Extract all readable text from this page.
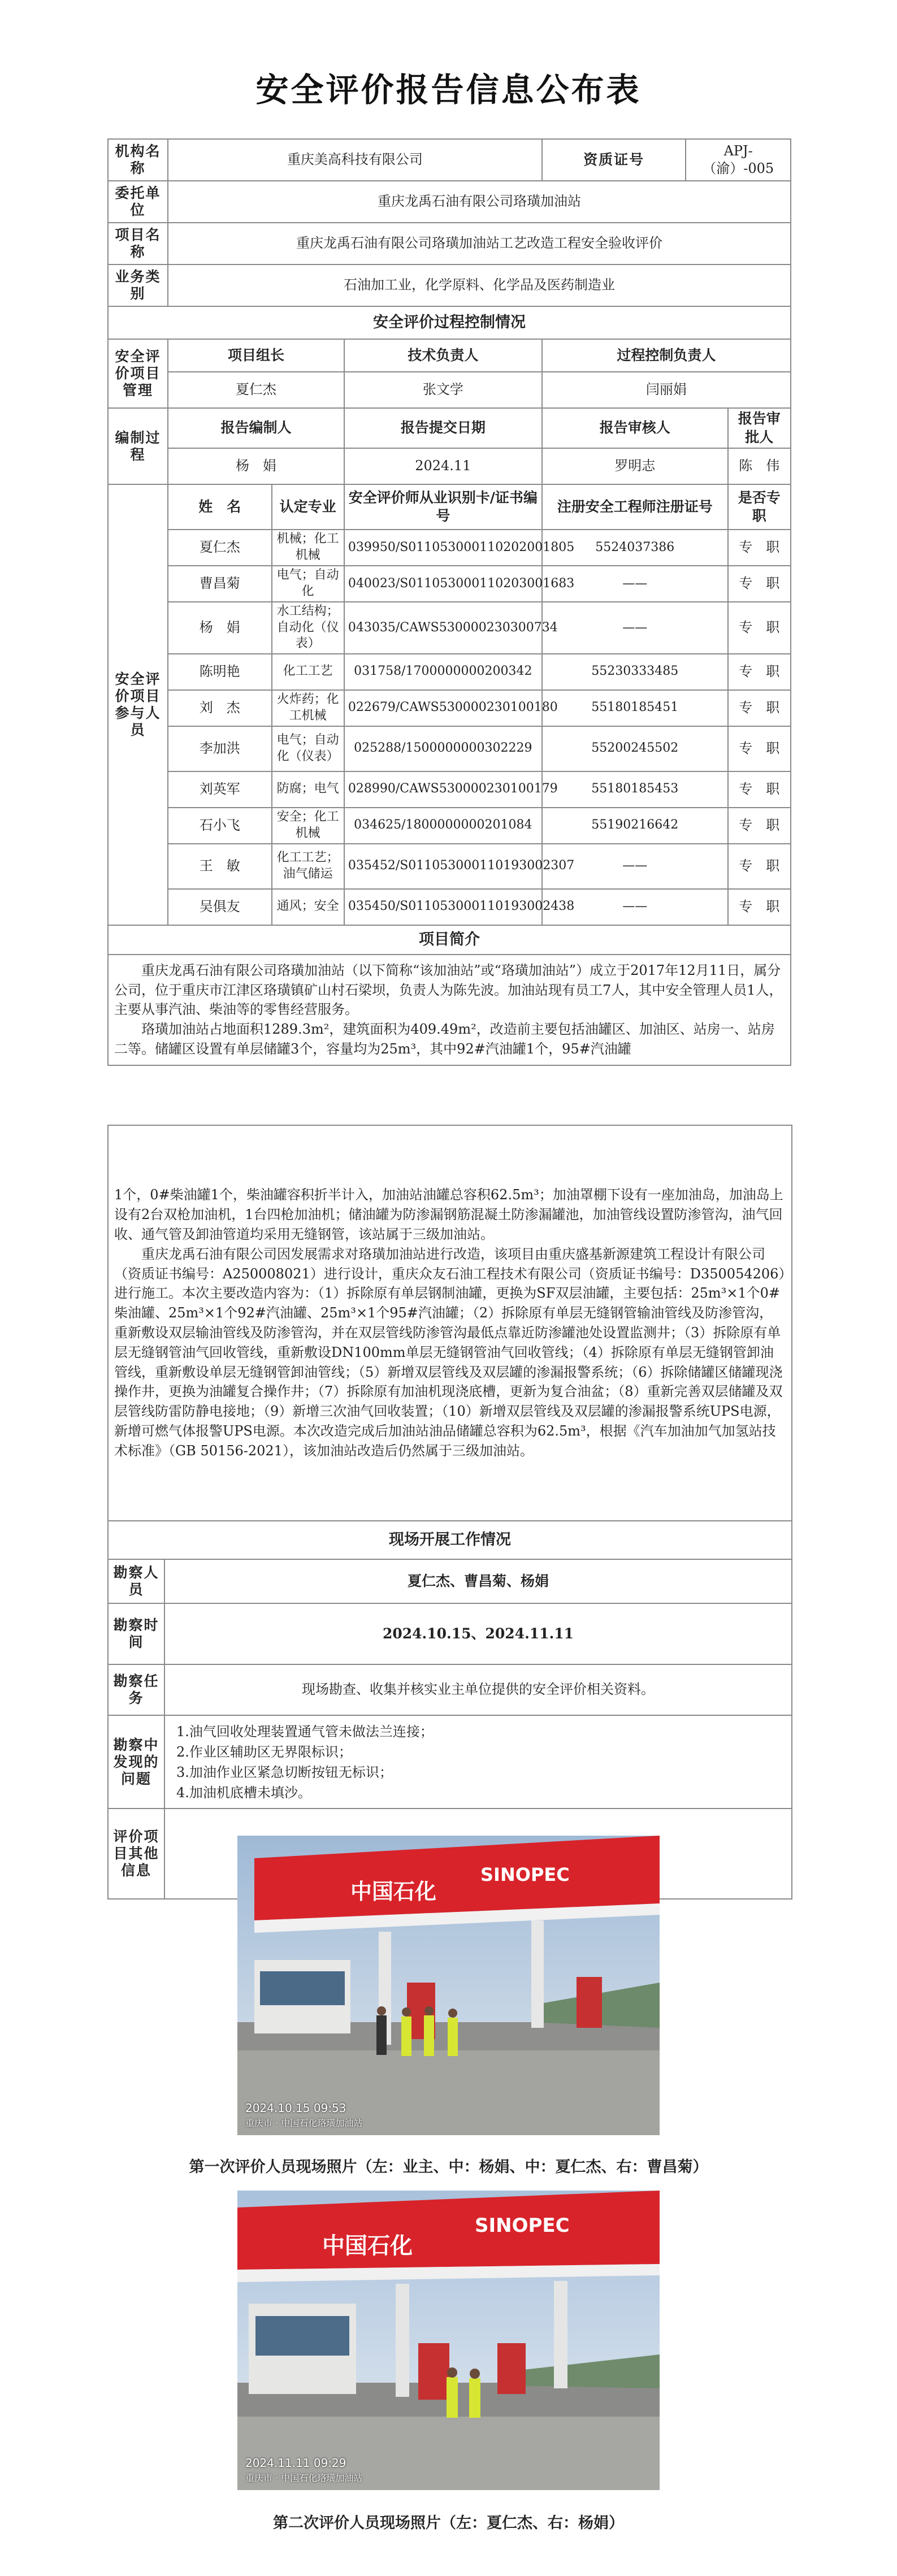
安全评价报告信息公布表
机构名称	重庆美高科技有限公司			资质证号	APJ-（渝）-005	
委托单位	重庆龙禹石油有限公司珞璜加油站					
项目名称	重庆龙禹石油有限公司珞璜加油站工艺改造工程安全验收评价					
业务类别	石油加工业，化学原料、化学品及医药制造业					
安全评价过程控制情况						
安全评价项目管理	项目组长		技术负责人	过程控制负责人		
	夏仁杰		张文学	闫丽娟		
编制过程	报告编制人		报告提交日期	报告审核人		报告审批人
	杨　娟		2024.11	罗明志		陈　伟
安全评价项目参与人员	姓　名	认定专业	安全评价师从业识别卡/证书编号	注册安全工程师注册证号		是否专职
	夏仁杰	机械；化工机械	039950/S011053000110202001805	5524037386		专　职
	曹昌菊	电气；自动化	040023/S011053000110203001683	——		专　职
	杨　娟	水工结构；自动化（仪表）	043035/CAWS530000230300734	——		专　职
	陈明艳	化工工艺	031758/1700000000200342	55230333485		专　职
	刘　杰	火炸药；化工机械	022679/CAWS530000230100180	55180185451		专　职
	李加洪	电气；自动化（仪表）	025288/1500000000302229	55200245502		专　职
	刘英军	防腐；电气	028990/CAWS530000230100179	55180185453		专　职
	石小飞	安全；化工机械	034625/1800000000201084	55190216642		专　职
	王　敏	化工工艺；油气储运	035452/S011053000110193002307	——		专　职
	吴俱友	通风；安全	035450/S011053000110193002438	——		专　职
项目简介						

重庆龙禹石油有限公司珞璜加油站（以下简称“该加油站”或“珞璜加油站”）成立于2017年12月11日，属分公司，位于重庆市江津区珞璜镇矿山村石梁坝，负责人为陈先波。加油站现有员工7人，其中安全管理人员1人，主要从事汽油、柴油等的零售经营服务。

珞璜加油站占地面积1289.3m²，建筑面积为409.49m²，改造前主要包括油罐区、加油区、站房一、站房二等。储罐区设置有单层储罐3个，容量均为25m³，其中92#汽油罐1个，95#汽油罐						

1个，0#柴油罐1个，柴油罐容积折半计入，加油站油罐总容积62.5m³；加油罩棚下设有一座加油岛，加油岛上设有2台双枪加油机，1台四枪加油机；储油罐为防渗漏钢筋混凝土防渗漏罐池，加油管线设置防渗管沟，油气回收、通气管及卸油管道均采用无缝钢管，该站属于三级加油站。

重庆龙禹石油有限公司因发展需求对珞璜加油站进行改造，该项目由重庆盛基新源建筑工程设计有限公司（资质证书编号：A250008021）进行设计，重庆众友石油工程技术有限公司（资质证书编号：D350054206）进行施工。本次主要改造内容为：（1）拆除原有单层钢制油罐，更换为SF双层油罐，主要包括：25m³×1个0#柴油罐、25m³×1个92#汽油罐、25m³×1个95#汽油罐；（2）拆除原有单层无缝钢管输油管线及防渗管沟，重新敷设双层输油管线及防渗管沟，并在双层管线防渗管沟最低点靠近防渗罐池处设置监测井；（3）拆除原有单层无缝钢管油气回收管线，重新敷设DN100mm单层无缝钢管油气回收管线；（4）拆除原有单层无缝钢管卸油管线，重新敷设单层无缝钢管卸油管线；（5）新增双层管线及双层罐的渗漏报警系统；（6）拆除储罐区储罐现浇操作井，更换为油罐复合操作井；（7）拆除原有加油机现浇底槽，更新为复合油盆；（8）重新完善双层储罐及双层管线防雷防静电接地；（9）新增三次油气回收装置；（10）新增双层管线及双层罐的渗漏报警系统UPS电源，新增可燃气体报警UPS电源。本次改造完成后加油站油品储罐总容积为62.5m³，根据《汽车加油加气加氢站技术标准》（GB 50156-2021），该加油站改造后仍然属于三级加油站。	

现场开展工作情况	
勘察人员	夏仁杰、曹昌菊、杨娟
勘察时间	2024.10.15、2024.11.11
勘察任务	现场勘查、收集并核实业主单位提供的安全评价相关资料。
勘察中发现的问题	1.油气回收处理装置通气管未做法兰连接；
2.作业区辅助区无界限标识；
3.加油作业区紧急切断按钮无标识；
4.加油机底槽未填沙。

评价项目其他信息	
中国石化
SINOPEC
2024.10.15 09:53
重庆市 · 中国石化珞璜加油站
第一次评价人员现场照片（左：业主、中：杨娟、中：夏仁杰、右：曹昌菊）
中国石化
SINOPEC
2024.11.11 09:29
重庆市 · 中国石化珞璜加油站
第二次评价人员现场照片（左：夏仁杰、右：杨娟）
